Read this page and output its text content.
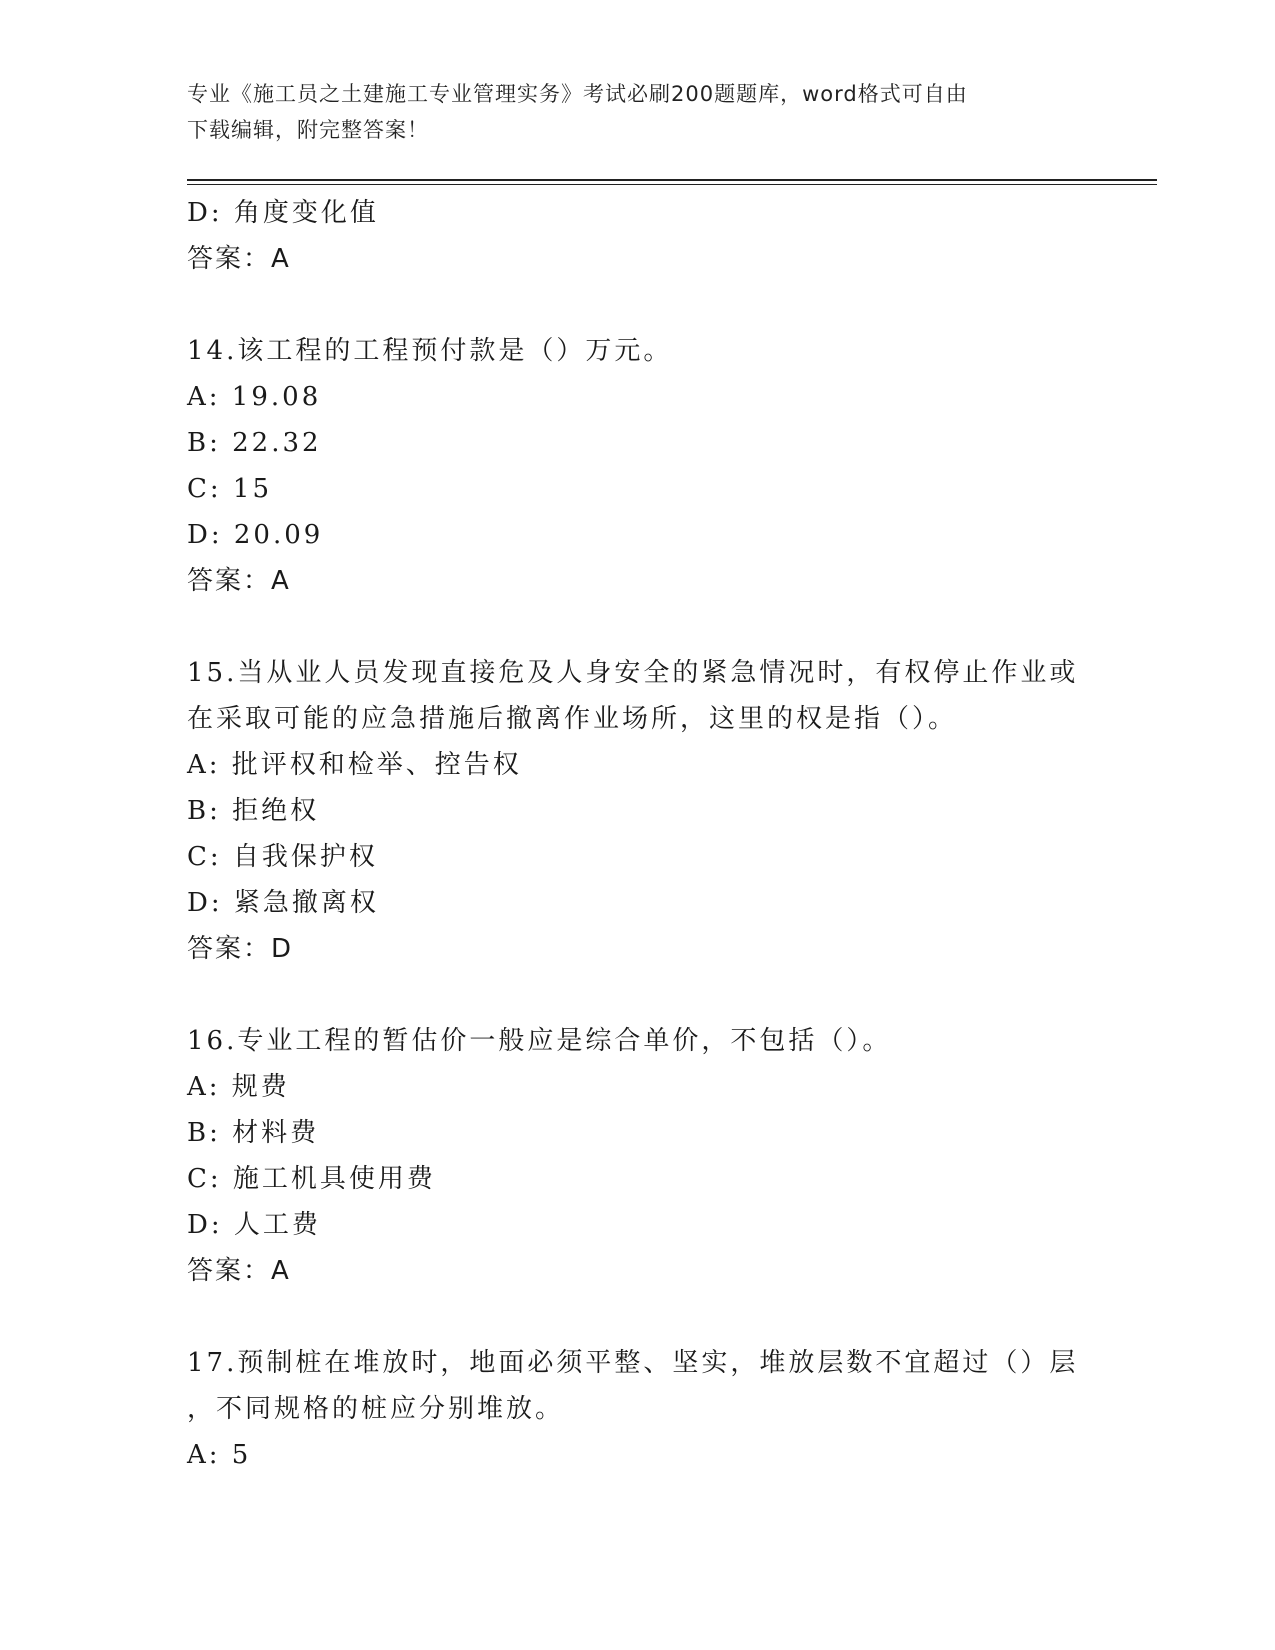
专业《施工员之土建施工专业管理实务》考试必刷200题题库，word格式可自由
下载编辑，附完整答案！
D: 角度变化值
答案：A
14.该工程的工程预付款是（）万元。
A: 19.08
B: 22.32
C: 15
D: 20.09
答案：A
15.当从业人员发现直接危及人身安全的紧急情况时，有权停止作业或
在采取可能的应急措施后撤离作业场所，这里的权是指（）。
A: 批评权和检举、控告权
B: 拒绝权
C: 自我保护权
D: 紧急撤离权
答案：D
16.专业工程的暂估价一般应是综合单价，不包括（）。
A: 规费
B: 材料费
C: 施工机具使用费
D: 人工费
答案：A
17.预制桩在堆放时，地面必须平整、坚实，堆放层数不宜超过（）层
，不同规格的桩应分别堆放。
A: 5
